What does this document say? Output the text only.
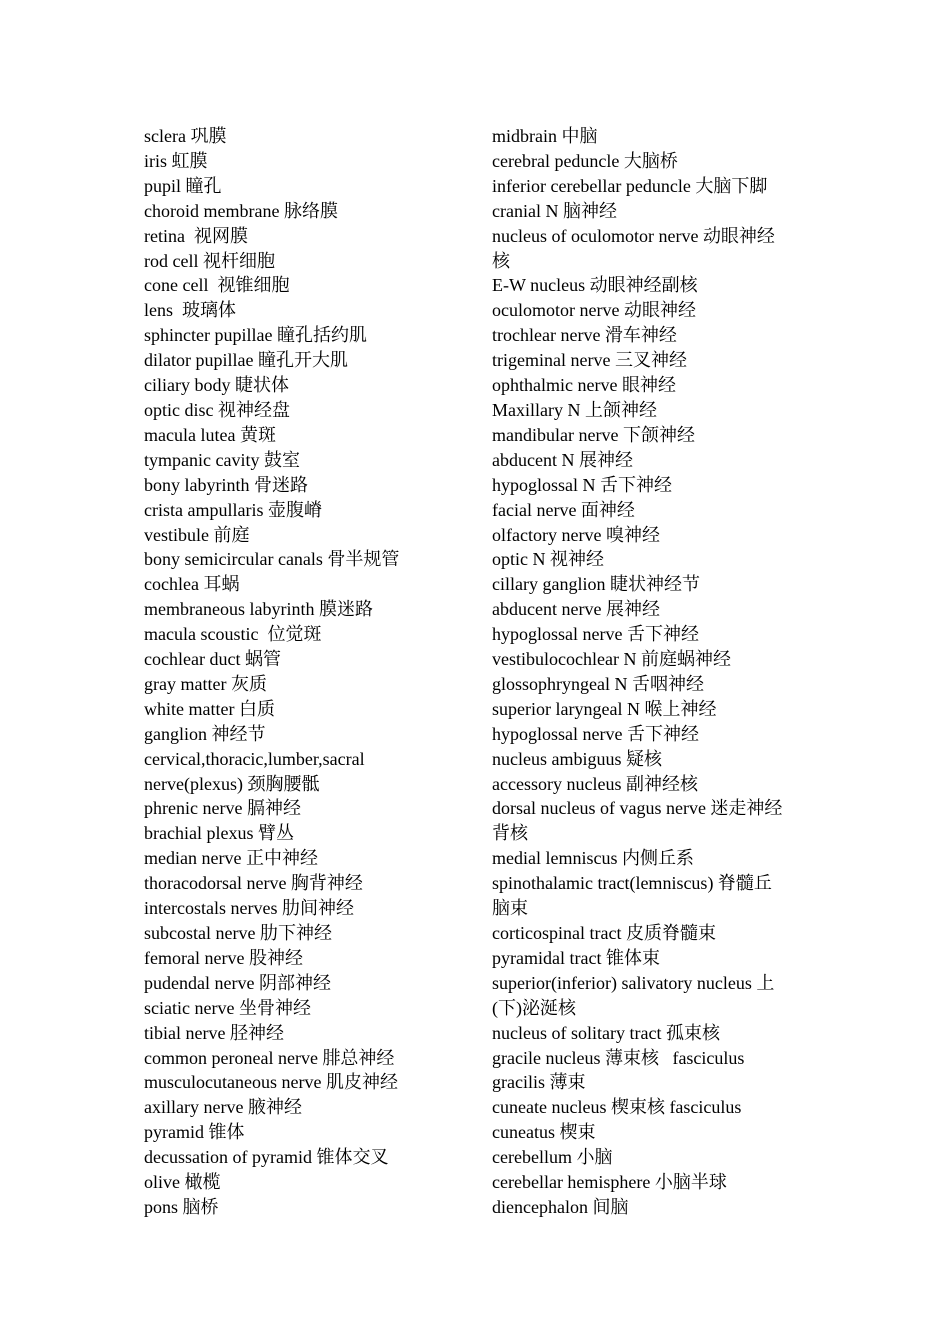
sclera 巩膜
iris 虹膜
pupil 瞳孔
choroid membrane 脉络膜
retina  视网膜
rod cell 视杆细胞
cone cell  视锥细胞
lens  玻璃体
sphincter pupillae 瞳孔括约肌
dilator pupillae 瞳孔开大肌
ciliary body 睫状体
optic disc 视神经盘
macula lutea 黄斑
tympanic cavity 鼓室
bony labyrinth 骨迷路
crista ampullaris 壶腹嵴
vestibule 前庭
bony semicircular canals 骨半规管
cochlea 耳蜗
membraneous labyrinth 膜迷路
macula scoustic  位觉斑
cochlear duct 蜗管
gray matter 灰质
white matter 白质
ganglion 神经节
cervical,thoracic,lumber,sacral
nerve(plexus) 颈胸腰骶
phrenic nerve 膈神经
brachial plexus 臂丛
median nerve 正中神经
thoracodorsal nerve 胸背神经
intercostals nerves 肋间神经
subcostal nerve 肋下神经
femoral nerve 股神经
pudendal nerve 阴部神经
sciatic nerve 坐骨神经
tibial nerve 胫神经
common peroneal nerve 腓总神经
musculocutaneous nerve 肌皮神经
axillary nerve 腋神经
pyramid 锥体
decussation of pyramid 锥体交叉
olive 橄榄
pons 脑桥
midbrain 中脑
cerebral peduncle 大脑桥
inferior cerebellar peduncle 大脑下脚
cranial N 脑神经
nucleus of oculomotor nerve 动眼神经
核
E-W nucleus 动眼神经副核
oculomotor nerve 动眼神经
trochlear nerve 滑车神经
trigeminal nerve 三叉神经
ophthalmic nerve 眼神经
Maxillary N 上颌神经
mandibular nerve 下颌神经
abducent N 展神经
hypoglossal N 舌下神经
facial nerve 面神经
olfactory nerve 嗅神经
optic N 视神经
cillary ganglion 睫状神经节
abducent nerve 展神经
hypoglossal nerve 舌下神经
vestibulocochlear N 前庭蜗神经
glossophryngeal N 舌咽神经
superior laryngeal N 喉上神经
hypoglossal nerve 舌下神经
nucleus ambiguus 疑核
accessory nucleus 副神经核
dorsal nucleus of vagus nerve 迷走神经
背核
medial lemniscus 内侧丘系
spinothalamic tract(lemniscus) 脊髓丘
脑束
corticospinal tract 皮质脊髓束
pyramidal tract 锥体束
superior(inferior) salivatory nucleus 上
(下)泌涎核
nucleus of solitary tract 孤束核
gracile nucleus 薄束核   fasciculus
gracilis 薄束
cuneate nucleus 楔束核 fasciculus
cuneatus 楔束
cerebellum 小脑
cerebellar hemisphere 小脑半球
diencephalon 间脑
